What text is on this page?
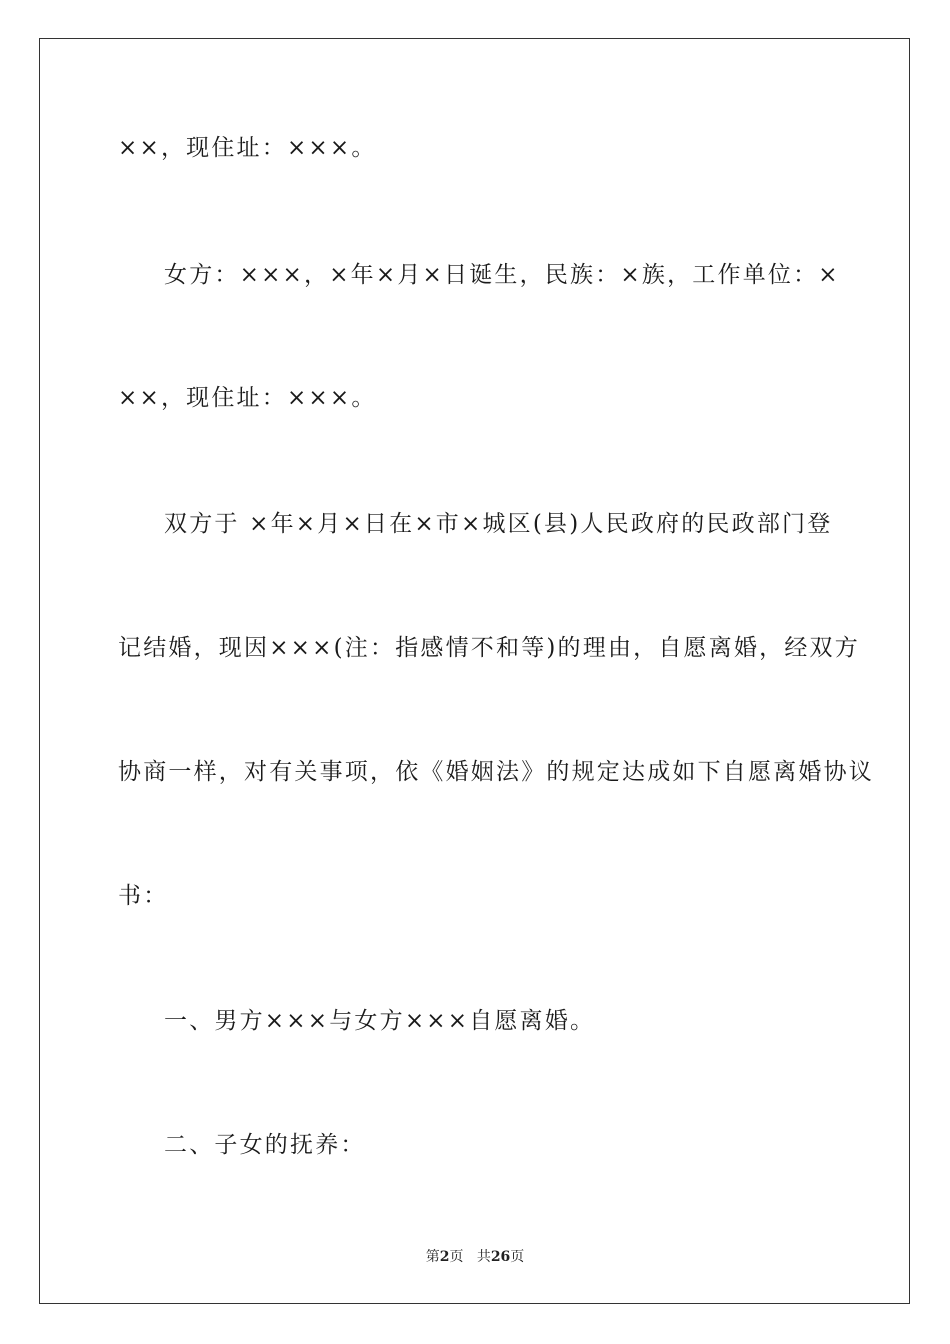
××，现住址：×××。
女方：×××，×年×月×日诞生，民族：×族，工作单位：×
××，现住址：×××。
双方于 ×年×月×日在×市×城区(县)人民政府的民政部门登
记结婚，现因×××(注：指感情不和等)的理由，自愿离婚，经双方
协商一样，对有关事项，依《婚姻法》的规定达成如下自愿离婚协议
书：
一、男方×××与女方×××自愿离婚。
二、子女的抚养：
第2页 共26页
